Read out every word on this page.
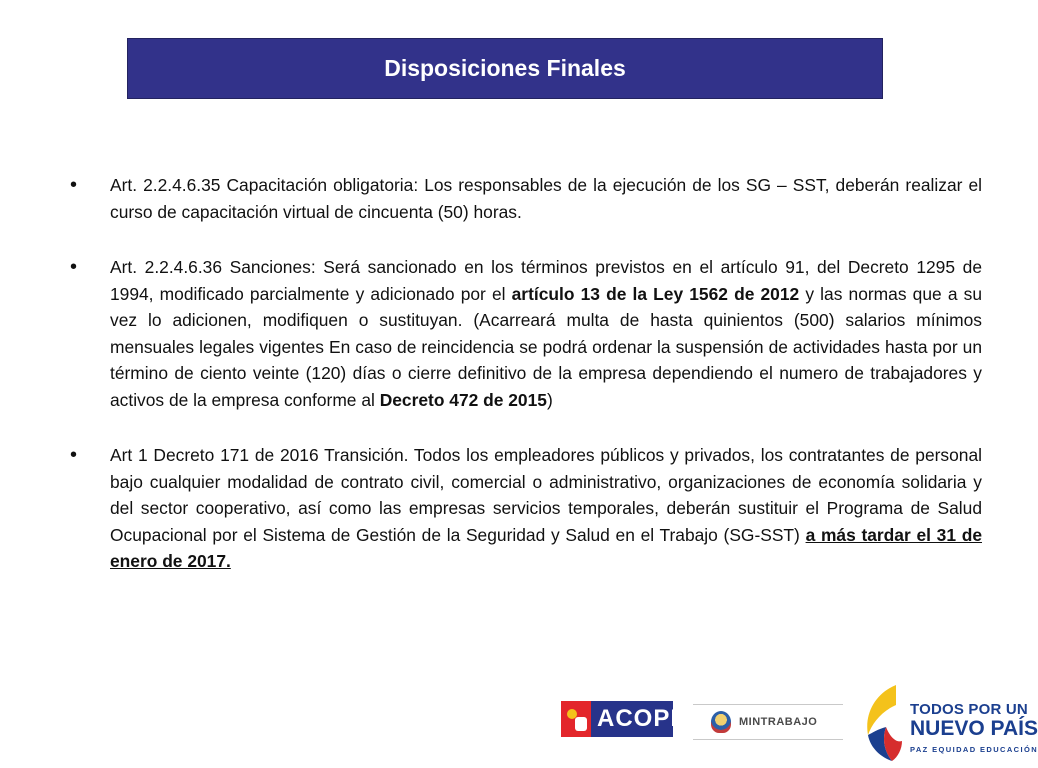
Disposiciones Finales
•	Art. 2.2.4.6.35 Capacitación obligatoria: Los responsables de la ejecución de los SG – SST, deberán realizar el curso de capacitación virtual de cincuenta (50) horas.
•	Art. 2.2.4.6.36 Sanciones: Será sancionado en los términos previstos en el artículo 91, del Decreto 1295 de 1994, modificado parcialmente y adicionado por el artículo 13 de la Ley 1562 de 2012 y las normas que a su vez lo adicionen, modifiquen o sustituyan. (Acarreará multa de hasta quinientos (500) salarios mínimos mensuales legales vigentes En caso de reincidencia se podrá ordenar la suspensión de actividades hasta por un término de ciento veinte (120) días o cierre definitivo de la empresa dependiendo el numero de trabajadores y activos de la empresa conforme al Decreto 472 de 2015)
•	Art 1 Decreto 171 de 2016 Transición. Todos los empleadores públicos y privados, los contratantes de personal bajo cualquier modalidad de contrato civil, comercial o administrativo, organizaciones de economía solidaria y del sector cooperativo, así como las empresas servicios temporales, deberán sustituir el Programa de Salud Ocupacional por el Sistema de Gestión de la Seguridad y Salud en el Trabajo (SG-SST) a más tardar el 31 de enero de 2017.
ACOPI	MINTRABAJO
TODOS POR UN
NUEVO PAÍS
PAZ EQUIDAD EDUCACIÓN
